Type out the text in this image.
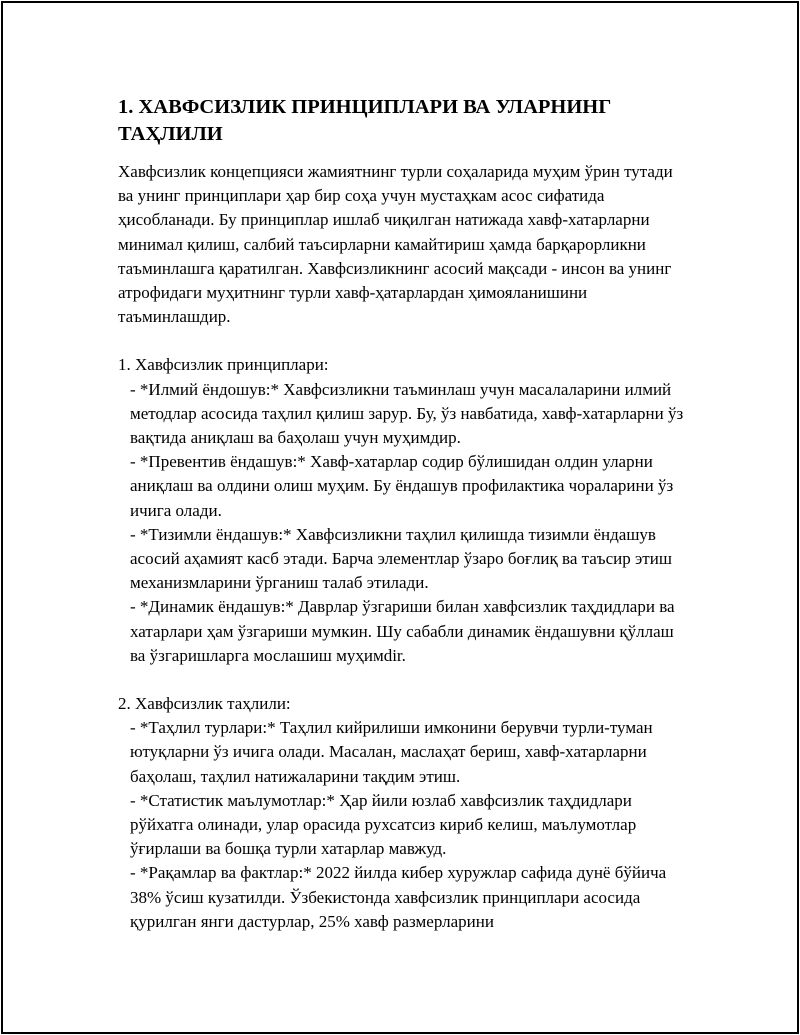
1. ХАВФСИЗЛИК ПРИНЦИПЛАРИ ВА УЛАРНИНГ ТАҲЛИЛИ

Хавфсизлик концепцияси жамиятнинг турли соҳаларида муҳим ўрин тутади ва унинг принциплари ҳар бир соҳа учун мустаҳкам асос сифатида ҳисобланади. Бу принциплар ишлаб чиқилган натижада хавф-хатарларни минимал қилиш, салбий таъсирларни камайтириш ҳамда барқарорликни таъминлашга қаратилган. Хавфсизликнинг асосий мақсади - инсон ва унинг атрофидаги муҳитнинг турли хавф-ҳатарлардан ҳимояланишини таъминлашдир.

1. Хавфсизлик принциплари:
- *Илмий ёндошув:* Хавфсизликни таъминлаш учун масалаларини илмий методлар асосида таҳлил қилиш зарур. Бу, ўз навбатида, хавф-хатарларни ўз вақтида аниқлаш ва баҳолаш учун муҳимдир.
- *Превентив ёндашув:* Хавф-хатарлар содир бўлишидан олдин уларни аниқлаш ва олдини олиш муҳим. Бу ёндашув профилактика чораларини ўз ичига олади.
- *Тизимли ёндашув:* Хавфсизликни таҳлил қилишда тизимли ёндашув асосий аҳамият касб этади. Барча элементлар ўзаро боғлиқ ва таъсир этиш механизмларини ўрганиш талаб этилади.
- *Динамик ёндашув:* Даврлар ўзгариши билан хавфсизлик таҳдидлари ва хатарлари ҳам ўзгариши мумкин. Шу сабабли динамик ёндашувни қўллаш ва ўзгаришларга мослашиш муҳимdir.
2. Хавфсизлик таҳлили:
- *Таҳлил турлари:* Таҳлил кийрилиши имконини берувчи турли-туман ютуқларни ўз ичига олади. Масалан, маслаҳат бериш, хавф-хатарларни баҳолаш, таҳлил натижаларини тақдим этиш.
- *Статистик маълумотлар:* Ҳар йили юзлаб хавфсизлик таҳдидлари рўйхатга олинади, улар орасида рухсатсиз кириб келиш, маълумотлар ўғирлаши ва бошқа турли хатарлар мавжуд.
- *Рақамлар ва фактлар:* 2022 йилда кибер хуружлар сафида дунё бўйича 38% ўсиш кузатилди. Ўзбекистонда хавфсизлик принциплари асосида қурилган янги дастурлар, 25% хавф размерларини
